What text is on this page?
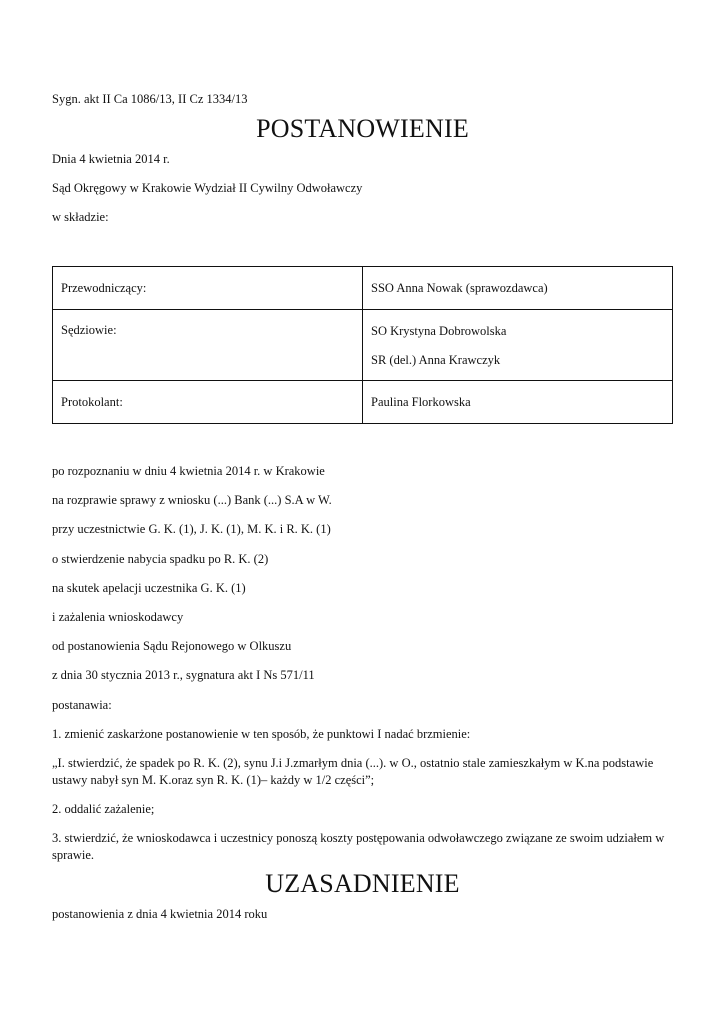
Sygn. akt II Ca 1086/13, II Cz 1334/13
POSTANOWIENIE
Dnia 4 kwietnia 2014 r.
Sąd Okręgowy w Krakowie Wydział II Cywilny Odwoławczy
w składzie:
Przewodniczący:	SSO Anna Nowak (sprawozdawca)
Sędziowie:	SO Krystyna Dobrowolska
SR (del.) Anna Krawczyk

Protokolant:	Paulina Florkowska
po rozpoznaniu w dniu 4 kwietnia 2014 r. w Krakowie
na rozprawie sprawy z wniosku (...) Bank (...) S.A w W.
przy uczestnictwie G. K. (1), J. K. (1), M. K. i R. K. (1)
o stwierdzenie nabycia spadku po R. K. (2)
na skutek apelacji uczestnika G. K. (1)
i zażalenia wnioskodawcy
od postanowienia Sądu Rejonowego w Olkuszu
z dnia 30 stycznia 2013 r., sygnatura akt I Ns 571/11
postanawia:
1. zmienić zaskarżone postanowienie w ten sposób, że punktowi I nadać brzmienie:
„I. stwierdzić, że spadek po R. K. (2), synu J.i J.zmarłym dnia (...). w O., ostatnio stale zamieszkałym w K.na podstawie ustawy nabył syn M. K.oraz syn R. K. (1)– każdy w 1/2 części”;
2. oddalić zażalenie;
3. stwierdzić, że wnioskodawca i uczestnicy ponoszą koszty postępowania odwoławczego związane ze swoim udziałem w sprawie.
UZASADNIENIE
postanowienia z dnia 4 kwietnia 2014 roku
